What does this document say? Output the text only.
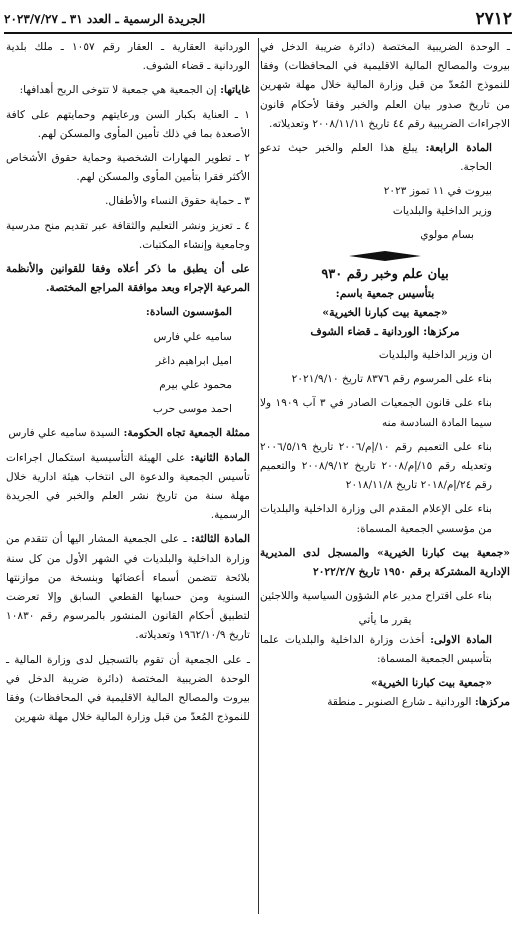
٢٧١٢
الجريدة الرسمية ـ العدد ٣١ ـ ٢٠٢٣/٧/٢٧

ـ الوحدة الضريبية المختصة (دائرة ضريبة الدخل في بيروت والمصالح المالية الاقليمية في المحافظات) وفقا للنموذج المُعدّ من قبل وزارة المالية خلال مهلة شهرين من تاريخ صدور بيان العلم والخبر وفقا لأحكام قانون الاجراءات الضريبية رقم ٤٤ تاريخ ٢٠٠٨/١١/١١ وتعديلاته.

المادة الرابعة: يبلغ هذا العلم والخبر حيث تدعو الحاجة.

بيروت في ١١ تموز ٢٠٢٣

وزير الداخلية والبلديات

بسام مولوي

بيان علم وخبر رقم ٩٣٠

بتأسيس جمعية باسم:

«جمعية بيت كبارنا الخيرية»

مركزها: الوردانية ـ قضاء الشوف

ان وزير الداخلية والبلديات

بناء على المرسوم رقم ٨٣٧٦ تاريخ ٢٠٢١/٩/١٠

بناء على قانون الجمعيات الصادر في ٣ آب ١٩٠٩ ولا سيما المادة السادسة منه

بناء على التعميم رقم ١٠/إم/٢٠٠٦ تاريخ ٢٠٠٦/٥/١٩ وتعديله رقم ١٥/إم/٢٠٠٨ تاريخ ٢٠٠٨/٩/١٢ والتعميم رقم ٢٤/إم/٢٠١٨ تاريخ ٢٠١٨/١١/٨

بناء على الإعلام المقدم الى وزارة الداخلية والبلديات من مؤسسي الجمعية المسماة:

«جمعية بيت كبارنا الخيرية» والمسجل لدى المديرية الإدارية المشتركة برقم ١٩٥٠ تاريخ ٢٠٢٢/٢/٧

بناء على اقتراح مدير عام الشؤون السياسية واللاجئين

يقرر ما يأتي

المادة الاولى: أخذت وزارة الداخلية والبلديات علما بتأسيس الجمعية المسماة:

«جمعية بيت كبارنا الخيرية»

مركزها: الوردانية ـ شارع الصنوبر ـ منطقة

الوردانية العقارية ـ العقار رقم ١٠٥٧ ـ ملك بلدية الوردانية ـ قضاء الشوف.

غاياتها: إن الجمعية هي جمعية لا تتوخى الربح أهدافها:

١ ـ العناية بكبار السن ورعايتهم وحمايتهم على كافة الأصعدة بما في ذلك تأمين المأوى والمسكن لهم.

٢ ـ تطوير المهارات الشخصية وحماية حقوق الأشخاص الأكثر فقرا بتأمين المأوى والمسكن لهم.

٣ ـ حماية حقوق النساء والأطفال.

٤ ـ تعزيز ونشر التعليم والثقافة عبر تقديم منح مدرسية وجامعية وإنشاء المكتبات.

على أن يطبق ما ذكر أعلاه وفقا للقوانين والأنظمة المرعية الإجراء وبعد موافقة المراجع المختصة.

المؤسسون السادة:

ساميه علي فارس

اميل ابراهيم داغر

محمود علي بيرم

احمد موسى حرب

ممثلة الجمعية تجاه الحكومة: السيدة ساميه علي فارس

المادة الثانية: على الهيئة التأسيسية استكمال اجراءات تأسيس الجمعية والدعوة الى انتخاب هيئة ادارية خلال مهلة سنة من تاريخ نشر العلم والخبر في الجريدة الرسمية.

المادة الثالثة: ـ على الجمعية المشار اليها أن تتقدم من وزارة الداخلية والبلديات في الشهر الأول من كل سنة بلائحة تتضمن أسماء أعضائها وبنسخة من موازنتها السنوية ومن حسابها القطعي السابق وإلا تعرضت لتطبيق أحكام القانون المنشور بالمرسوم رقم ١٠٨٣٠ تاريخ ١٩٦٢/١٠/٩ وتعديلاته.

ـ على الجمعية أن تقوم بالتسجيل لدى وزارة المالية ـ الوحدة الضريبية المختصة (دائرة ضريبة الدخل في بيروت والمصالح المالية الاقليمية في المحافظات) وفقا للنموذج المُعدّ من قبل وزارة المالية خلال مهلة شهرين
